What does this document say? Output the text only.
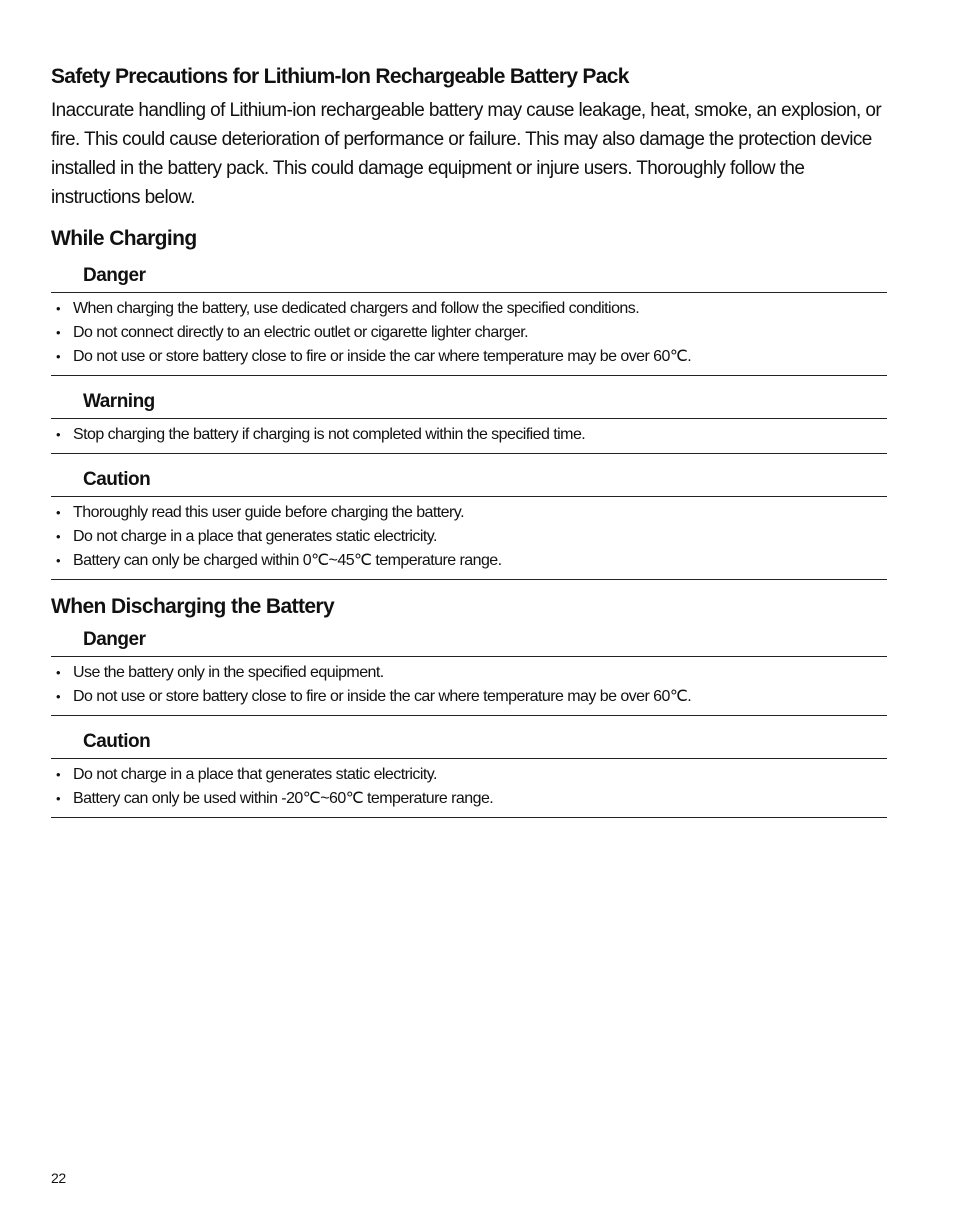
Safety Precautions for Lithium-Ion Rechargeable Battery Pack

Inaccurate handling of Lithium-ion rechargeable battery may cause leakage, heat, smoke, an explosion, or fire. This could cause deterioration of performance or failure. This may also damage the protection device installed in the battery pack. This could damage equipment or injure users. Thoroughly follow the instructions below.

While Charging
Danger
• When charging the battery, use dedicated chargers and follow the specified conditions.
• Do not connect directly to an electric outlet or cigarette lighter charger.
• Do not use or store battery close to fire or inside the car where temperature may be over 60℃.
Warning
• Stop charging the battery if charging is not completed within the specified time.
Caution
• Thoroughly read this user guide before charging the battery.
• Do not charge in a place that generates static electricity.
• Battery can only be charged within 0℃~45℃ temperature range.
When Discharging the Battery
Danger
• Use the battery only in the specified equipment.
• Do not use or store battery close to fire or inside the car where temperature may be over 60℃.
Caution
• Do not charge in a place that generates static electricity.
• Battery can only be used within -20℃~60℃ temperature range.
22
